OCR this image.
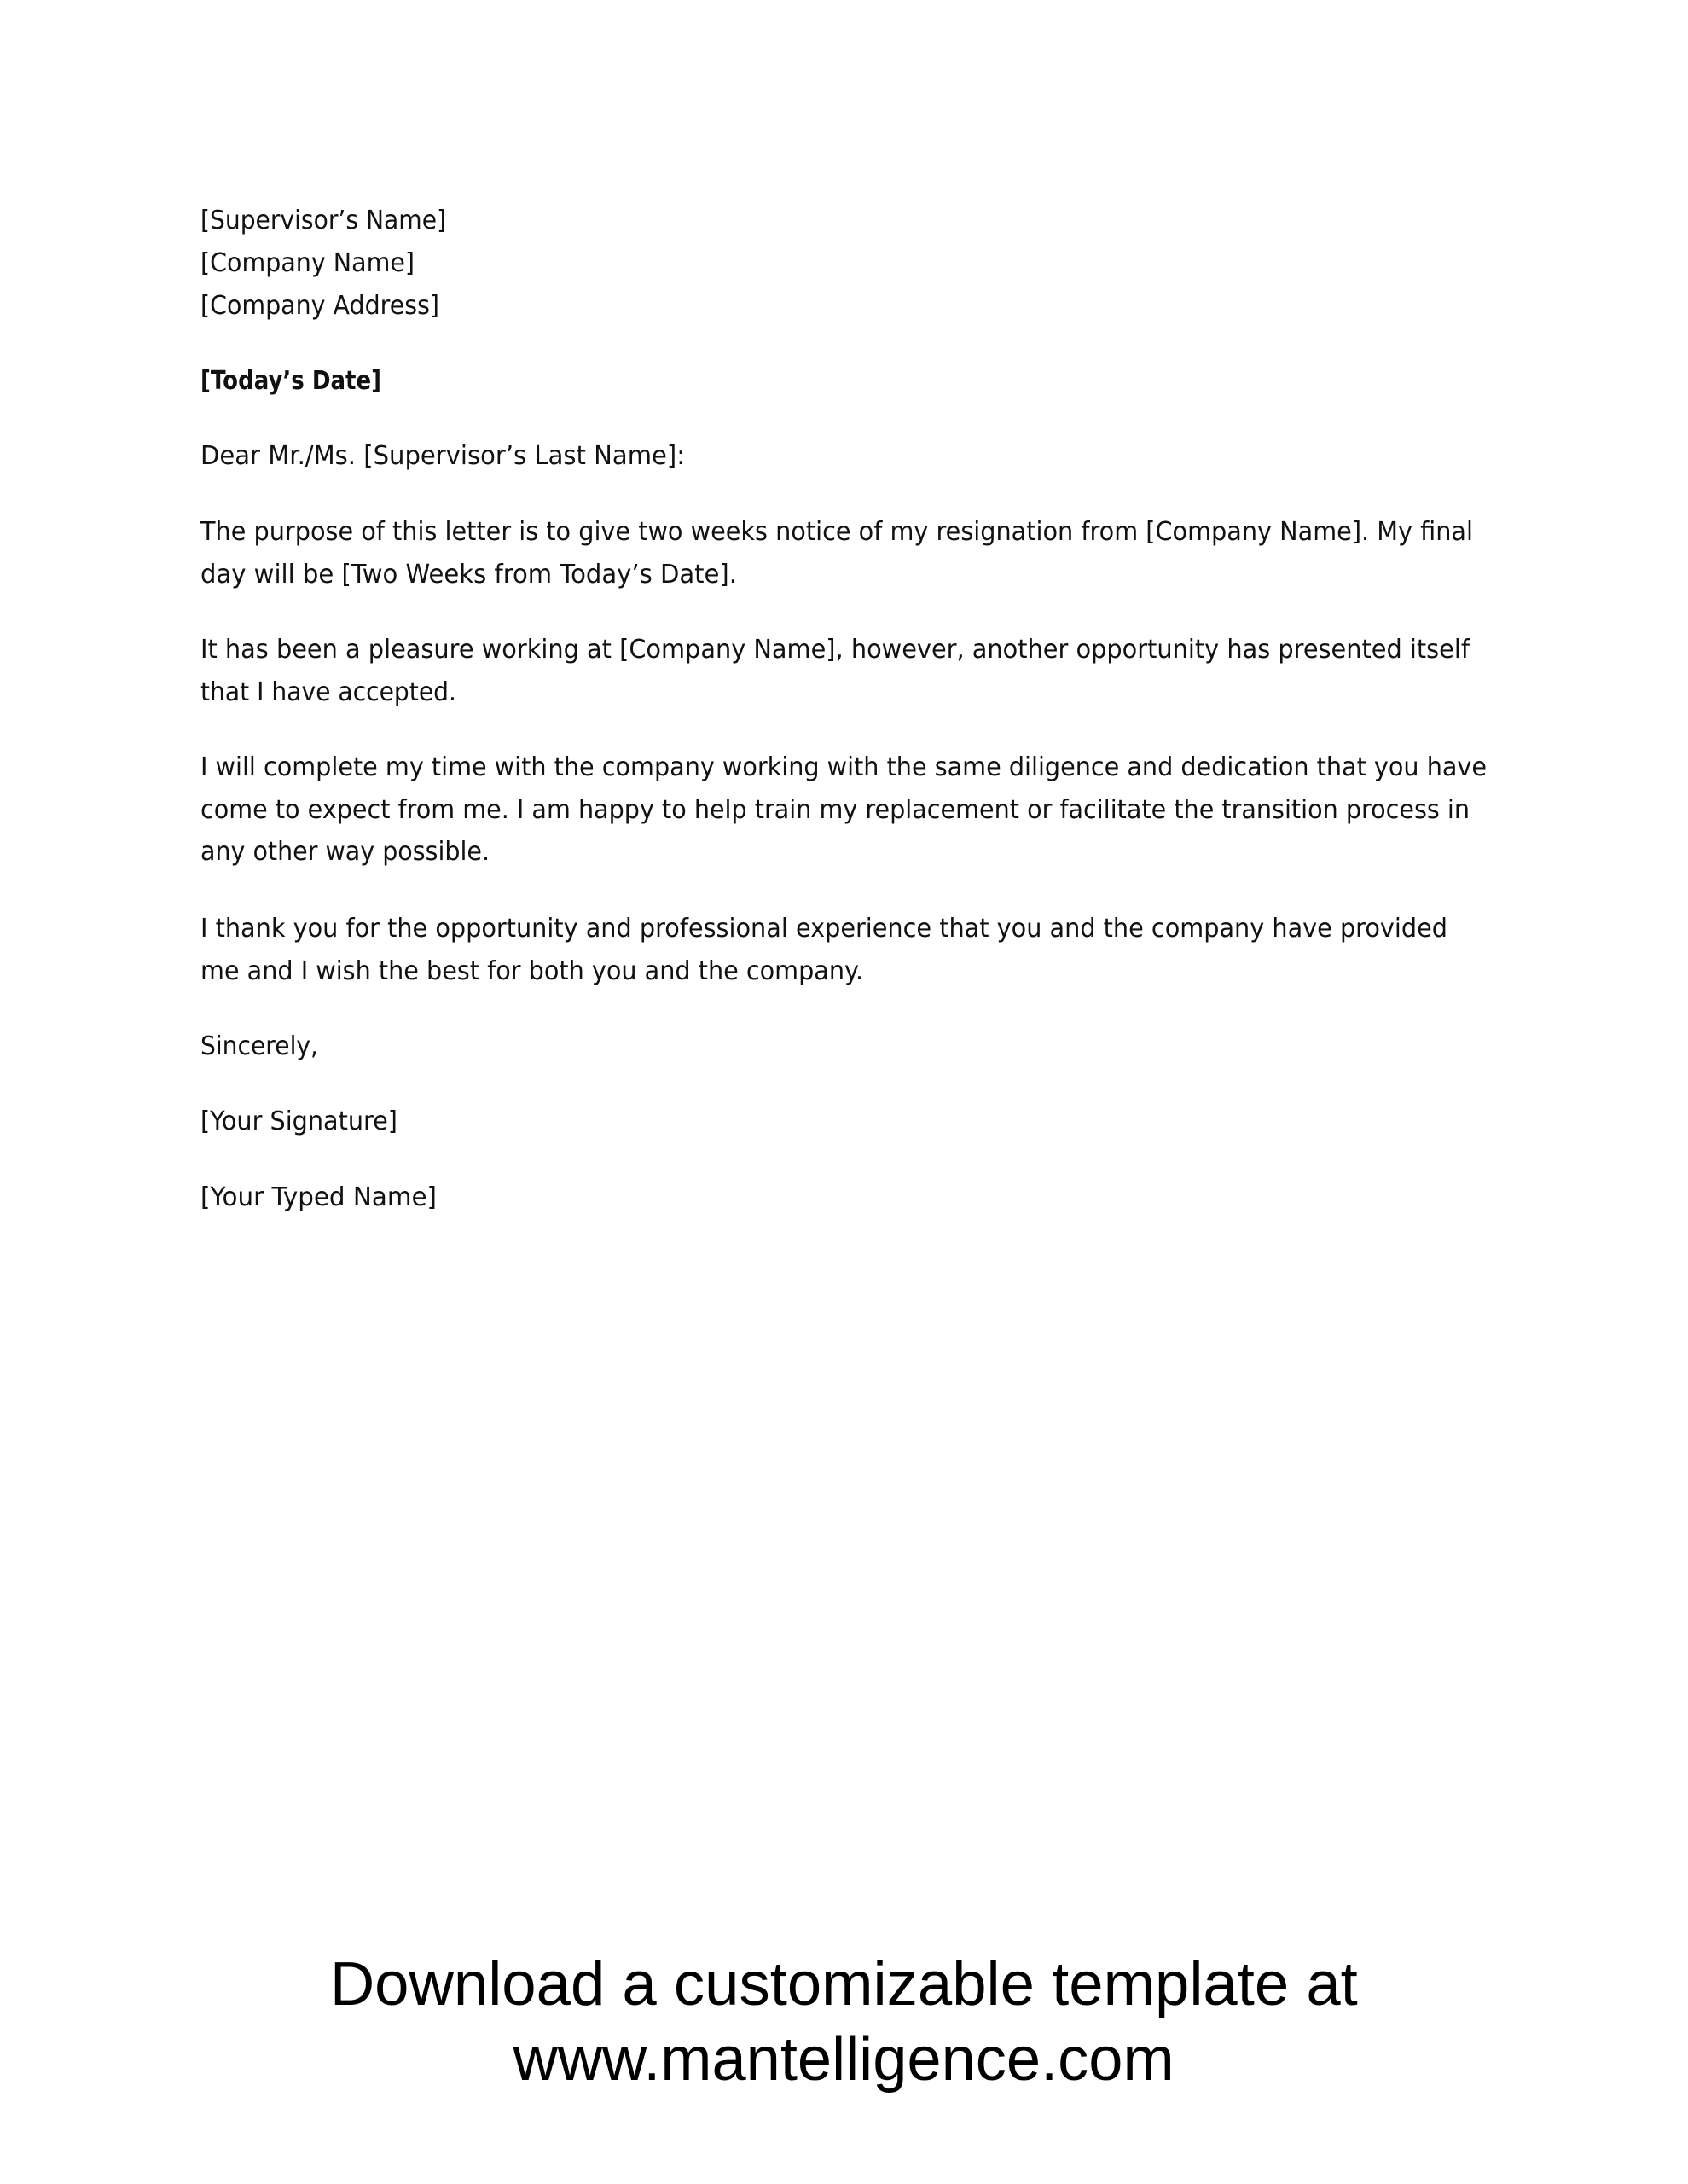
[Supervisor’s Name]
[Company Name]
[Company Address]
[Today’s Date]
Dear Mr./Ms. [Supervisor’s Last Name]:
The purpose of this letter is to give two weeks notice of my resignation from [Company Name]. My final
day will be [Two Weeks from Today’s Date].
It has been a pleasure working at [Company Name], however, another opportunity has presented itself
that I have accepted.
I will complete my time with the company working with the same diligence and dedication that you have
come to expect from me. I am happy to help train my replacement or facilitate the transition process in
any other way possible.
I thank you for the opportunity and professional experience that you and the company have provided
me and I wish the best for both you and the company.
Sincerely,
[Your Signature]
[Your Typed Name]
Download a customizable template at
www.mantelligence.com
